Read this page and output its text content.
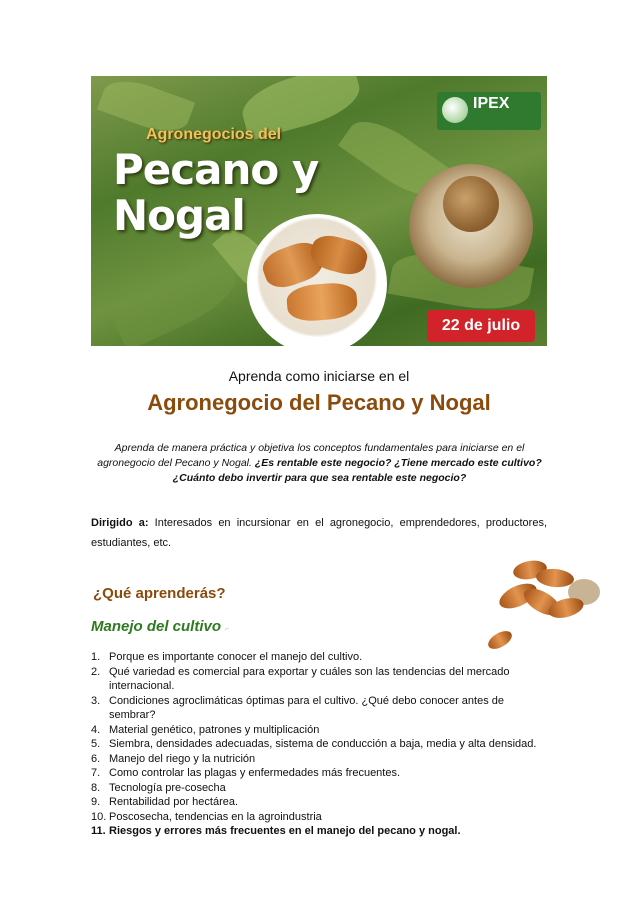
Agronegocios del
Pecano y
Nogal
IPEX
22 de julio
Aprenda como iniciarse en el
Agronegocio del Pecano y Nogal
Aprenda de manera práctica y objetiva los conceptos fundamentales para iniciarse en el agronegocio del Pecano y Nogal. ¿Es rentable este negocio? ¿Tiene mercado este cultivo?
¿Cuánto debo invertir para que sea rentable este negocio?
Dirigido a: Interesados en incursionar en el agronegocio, emprendedores, productores, estudiantes, etc.
¿Qué aprenderás?
Manejo del cultivo ⌐
1. Porque es importante conocer el manejo del cultivo.
2. Qué variedad es comercial para exportar y cuáles son las tendencias del mercado internacional.
3. Condiciones agroclimáticas óptimas para el cultivo. ¿Qué debo conocer antes de sembrar?
4. Material genético, patrones y multiplicación
5. Siembra, densidades adecuadas, sistema de conducción a baja, media y alta densidad.
6. Manejo del riego y la nutrición
7. Como controlar las plagas y enfermedades más frecuentes.
8. Tecnología pre-cosecha
9. Rentabilidad por hectárea.
10. Poscosecha, tendencias en la agroindustria
11. Riesgos y errores más frecuentes en el manejo del pecano y nogal.
